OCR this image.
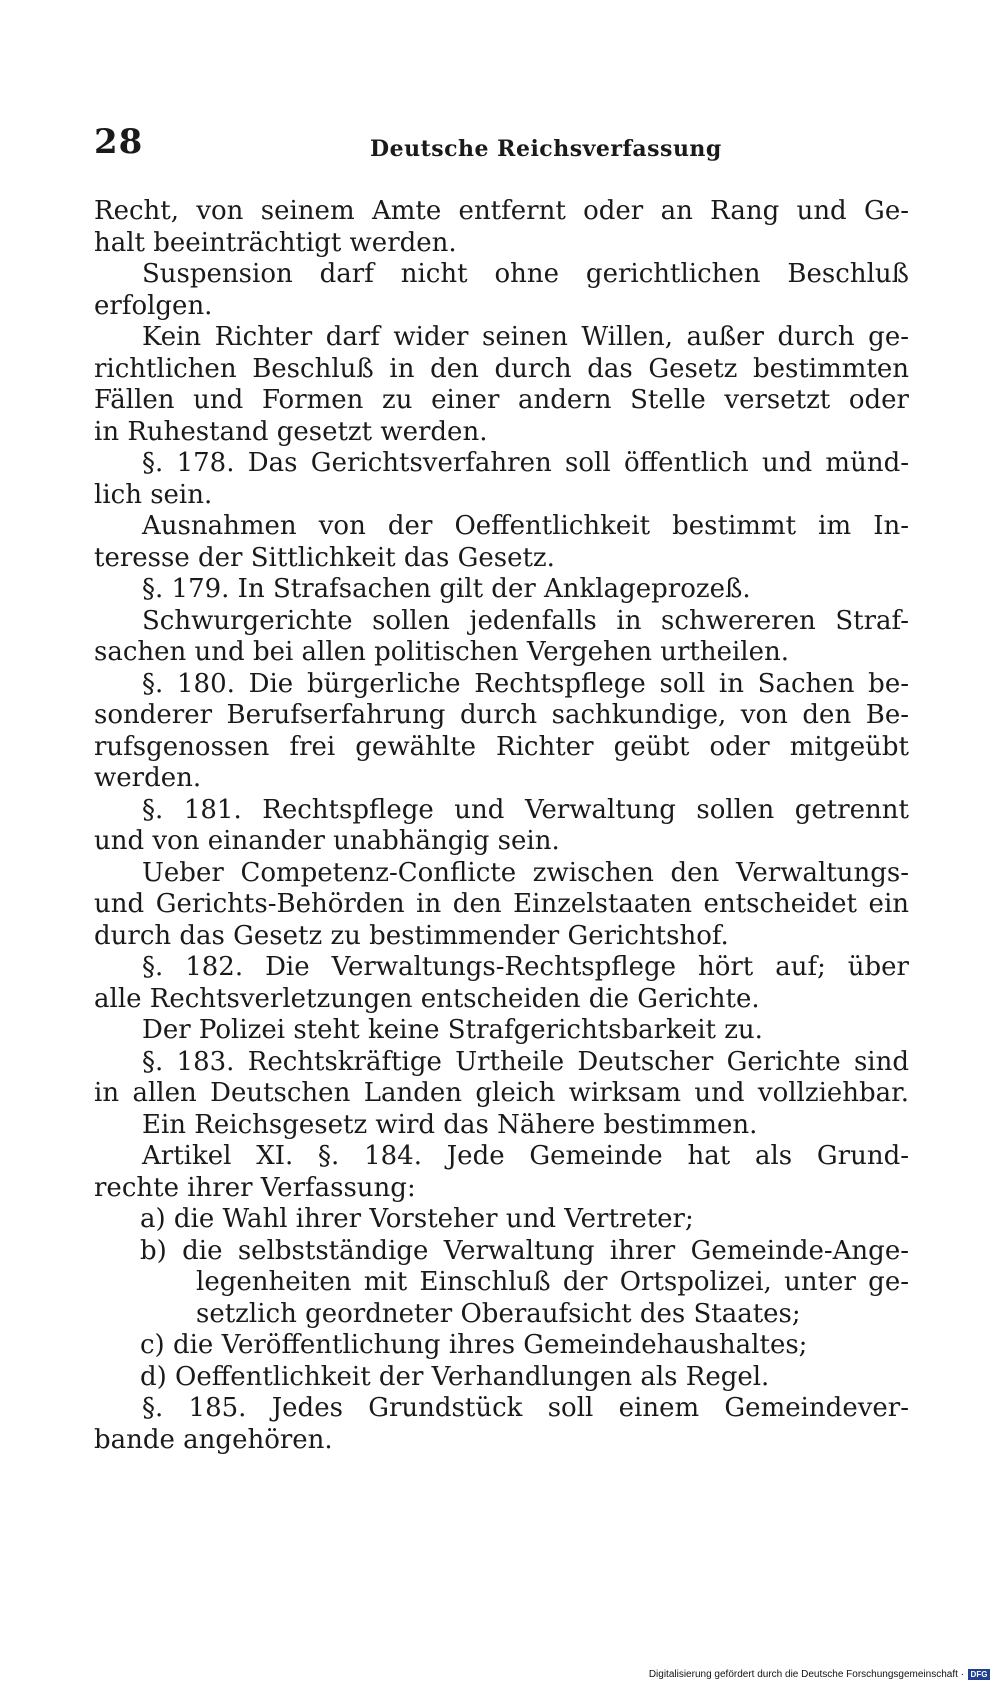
28	Deutsche Reichsverfassung
Recht, von seinem Amte entfernt oder an Rang und Ge-
halt beeinträchtigt werden.
Suspension darf nicht ohne gerichtlichen Beschluß
erfolgen.
Kein Richter darf wider seinen Willen, außer durch ge-
richtlichen Beschluß in den durch das Gesetz bestimmten
Fällen und Formen zu einer andern Stelle versetzt oder
in Ruhestand gesetzt werden.
§. 178. Das Gerichtsverfahren soll öffentlich und münd-
lich sein.
Ausnahmen von der Oeffentlichkeit bestimmt im In-
teresse der Sittlichkeit das Gesetz.
§. 179. In Strafsachen gilt der Anklageprozeß.
Schwurgerichte sollen jedenfalls in schwereren Straf-
sachen und bei allen politischen Vergehen urtheilen.
§. 180. Die bürgerliche Rechtspflege soll in Sachen be-
sonderer Berufserfahrung durch sachkundige, von den Be-
rufsgenossen frei gewählte Richter geübt oder mitgeübt
werden.
§. 181. Rechtspflege und Verwaltung sollen getrennt
und von einander unabhängig sein.
Ueber Competenz-Conflicte zwischen den Verwaltungs-
und Gerichts-Behörden in den Einzelstaaten entscheidet ein
durch das Gesetz zu bestimmender Gerichtshof.
§. 182. Die Verwaltungs-Rechtspflege hört auf; über
alle Rechtsverletzungen entscheiden die Gerichte.
Der Polizei steht keine Strafgerichtsbarkeit zu.
§. 183. Rechtskräftige Urtheile Deutscher Gerichte sind
in allen Deutschen Landen gleich wirksam und vollziehbar.
Ein Reichsgesetz wird das Nähere bestimmen.
Artikel XI. §. 184. Jede Gemeinde hat als Grund-
rechte ihrer Verfassung:
a) die Wahl ihrer Vorsteher und Vertreter;
b) die selbstständige Verwaltung ihrer Gemeinde-Ange-
legenheiten mit Einschluß der Ortspolizei, unter ge-
setzlich geordneter Oberaufsicht des Staates;
c) die Veröffentlichung ihres Gemeindehaushaltes;
d) Oeffentlichkeit der Verhandlungen als Regel.
§. 185. Jedes Grundstück soll einem Gemeindever-
bande angehören.
Digitalisierung gefördert durch die Deutsche Forschungsgemeinschaft · DFG
